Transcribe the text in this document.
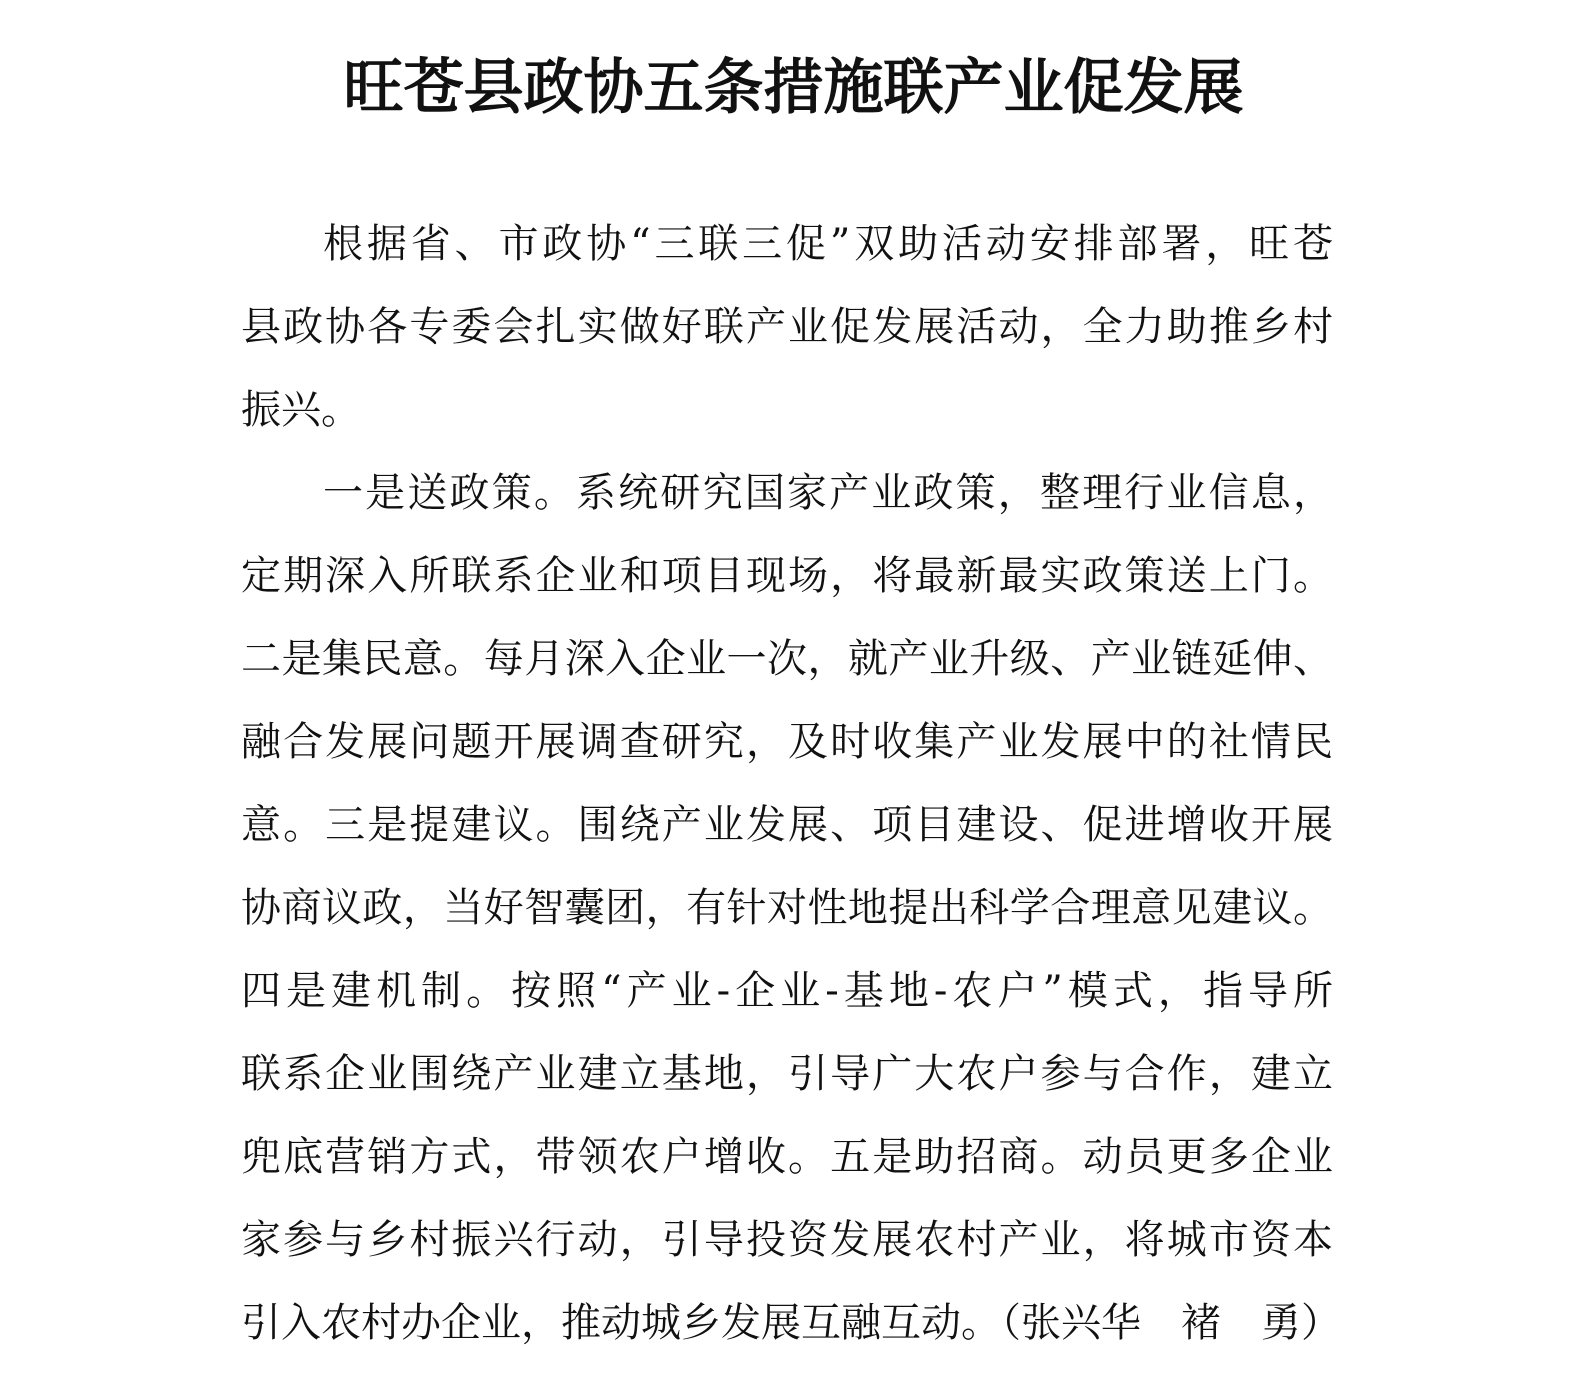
旺苍县政协五条措施联产业促发展
根据省、市政协“三联三促”双助活动安排部署，旺苍
县政协各专委会扎实做好联产业促发展活动，全力助推乡村
振兴。
一是送政策。系统研究国家产业政策，整理行业信息，
定期深入所联系企业和项目现场，将最新最实政策送上门。
二是集民意。每月深入企业一次，就产业升级、产业链延伸、
融合发展问题开展调查研究，及时收集产业发展中的社情民
意。三是提建议。围绕产业发展、项目建设、促进增收开展
协商议政，当好智囊团，有针对性地提出科学合理意见建议。
四是建机制。按照“产业-企业-基地-农户”模式，指导所
联系企业围绕产业建立基地，引导广大农户参与合作，建立
兜底营销方式，带领农户增收。五是助招商。动员更多企业
家参与乡村振兴行动，引导投资发展农村产业，将城市资本
引入农村办企业，推动城乡发展互融互动。（张兴华　褚　勇）
